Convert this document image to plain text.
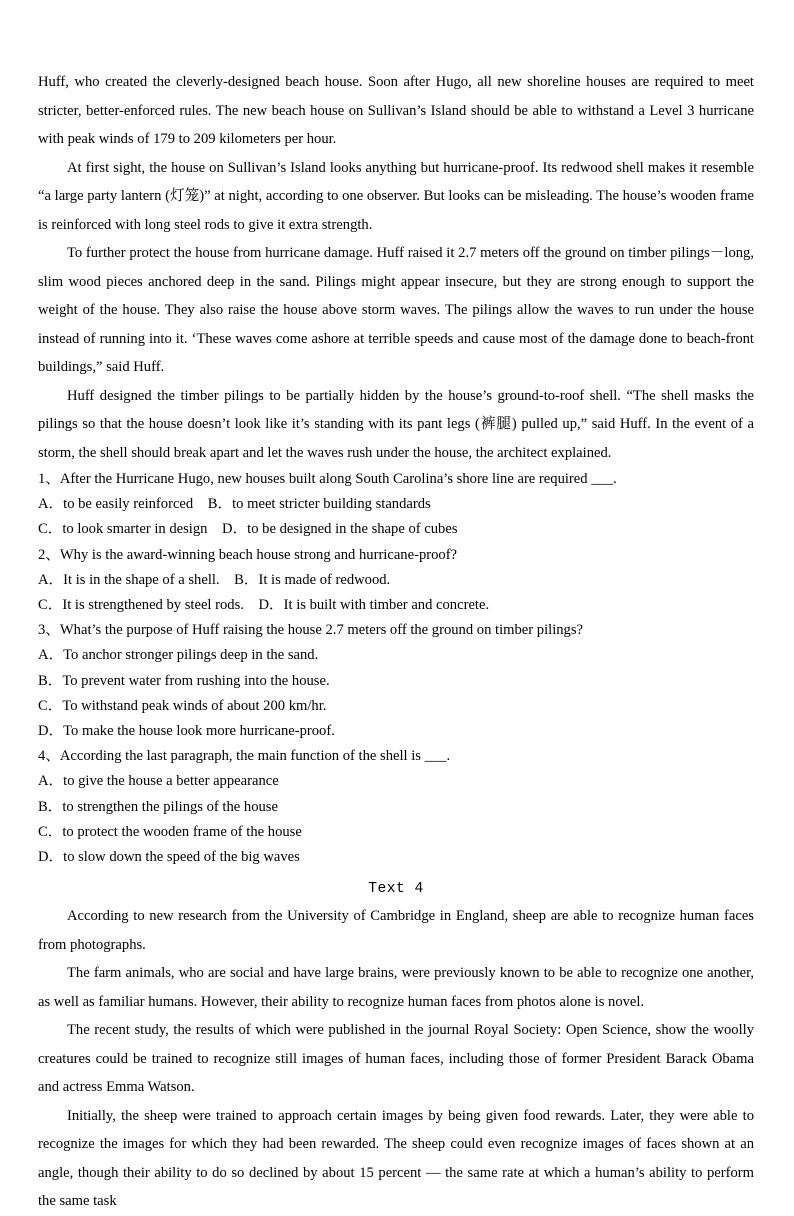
Huff, who created the cleverly-designed beach house. Soon after Hugo, all new shoreline houses are required to meet stricter, better-enforced rules. The new beach house on Sullivan’s Island should be able to withstand a Level 3 hurricane with peak winds of 179 to 209 kilometers per hour.

At first sight, the house on Sullivan’s Island looks anything but hurricane-proof. Its redwood shell makes it resemble “a large party lantern (灯笼)” at night, according to one observer. But looks can be misleading. The house’s wooden frame is reinforced with long steel rods to give it extra strength.

To further protect the house from hurricane damage. Huff raised it 2.7 meters off the ground on timber pilings－long, slim wood pieces anchored deep in the sand. Pilings might appear insecure, but they are strong enough to support the weight of the house. They also raise the house above storm waves. The pilings allow the waves to run under the house instead of running into it. ‘These waves come ashore at terrible speeds and cause most of the damage done to beach-front buildings,” said Huff.

Huff designed the timber pilings to be partially hidden by the house’s ground-to-roof shell. “The shell masks the pilings so that the house doesn’t look like it’s standing with its pant legs (裤腿) pulled up,” said Huff. In the event of a storm, the shell should break apart and let the waves rush under the house, the architect explained.

1、After the Hurricane Hugo, new houses built along South Carolina’s shore line are required ___.

A．to be easily reinforced　B．to meet stricter building standards

C．to look smarter in design　D．to be designed in the shape of cubes

2、Why is the award-winning beach house strong and hurricane-proof?

A．It is in the shape of a shell.　B．It is made of redwood.

C．It is strengthened by steel rods.　D．It is built with timber and concrete.

3、What’s the purpose of Huff raising the house 2.7 meters off the ground on timber pilings?

A．To anchor stronger pilings deep in the sand.

B．To prevent water from rushing into the house.

C．To withstand peak winds of about 200 km/hr.

D．To make the house look more hurricane-proof.

4、According the last paragraph, the main function of the shell is ___.

A．to give the house a better appearance

B．to strengthen the pilings of the house

C．to protect the wooden frame of the house

D．to slow down the speed of the big waves

Text 4

According to new research from the University of Cambridge in England, sheep are able to recognize human faces from photographs.

The farm animals, who are social and have large brains, were previously known to be able to recognize one another, as well as familiar humans. However, their ability to recognize human faces from photos alone is novel.

The recent study, the results of which were published in the journal Royal Society: Open Science, show the woolly creatures could be trained to recognize still images of human faces, including those of former President Barack Obama and actress Emma Watson.

Initially, the sheep were trained to approach certain images by being given food rewards. Later, they were able to recognize the images for which they had been rewarded. The sheep could even recognize images of faces shown at an angle, though their ability to do so declined by about 15 percent — the same rate at which a human’s ability to perform the same task
